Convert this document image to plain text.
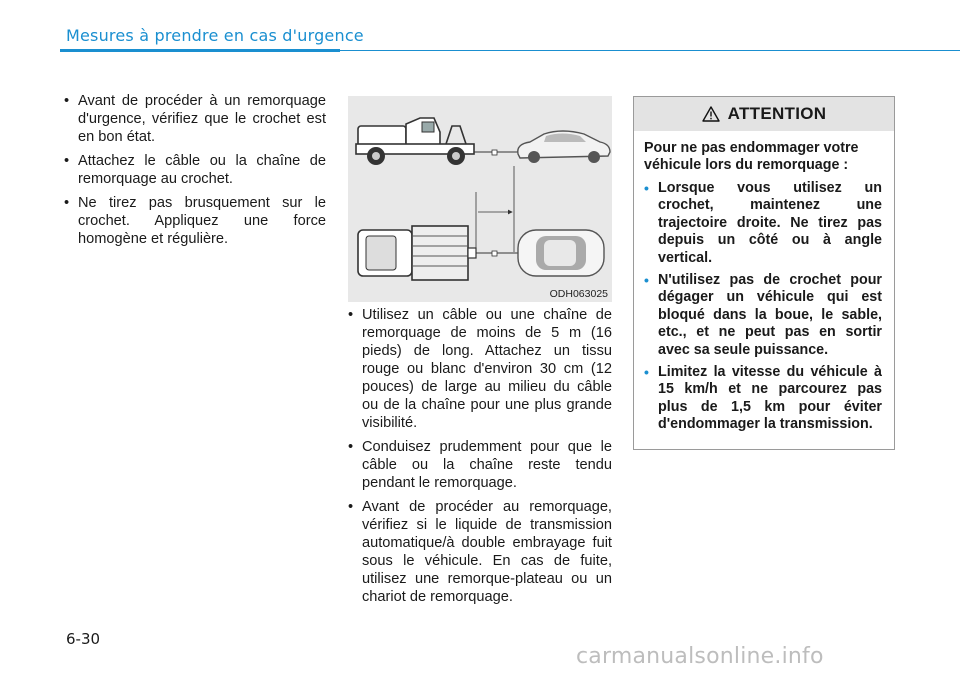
Mesures à prendre en cas d'urgence
• Avant de procéder à un remorquage d'urgence, vérifiez que le crochet est en bon état.
• Attachez le câble ou la chaîne de remorquage au crochet.
• Ne tirez pas brusquement sur le crochet. Appliquez une force homogène et régulière.
ODH063025
• Utilisez un câble ou une chaîne de remorquage de moins de 5 m (16 pieds) de long. Attachez un tissu rouge ou blanc d'environ 30 cm (12 pouces) de large au milieu du câble ou de la chaîne pour une plus grande visibilité.
• Conduisez prudemment pour que le câble ou la chaîne reste tendu pendant le remorquage.
• Avant de procéder au remorquage, vérifiez si le liquide de transmission automatique/à double embrayage fuit sous le véhicule. En cas de fuite, utilisez une remorque-plateau ou un chariot de remorquage.
ATTENTION

Pour ne pas endommager votre véhicule lors du remorquage :

• Lorsque vous utilisez un crochet, maintenez une trajectoire droite. Ne tirez pas depuis un côté ou à angle vertical.
• N'utilisez pas de crochet pour dégager un véhicule qui est bloqué dans la boue, le sable, etc., et ne peut pas en sortir avec sa seule puissance.
• Limitez la vitesse du véhicule à 15 km/h et ne parcourez pas plus de 1,5 km pour éviter d'endommager la transmission.
6-30
carmanualsonline.info
